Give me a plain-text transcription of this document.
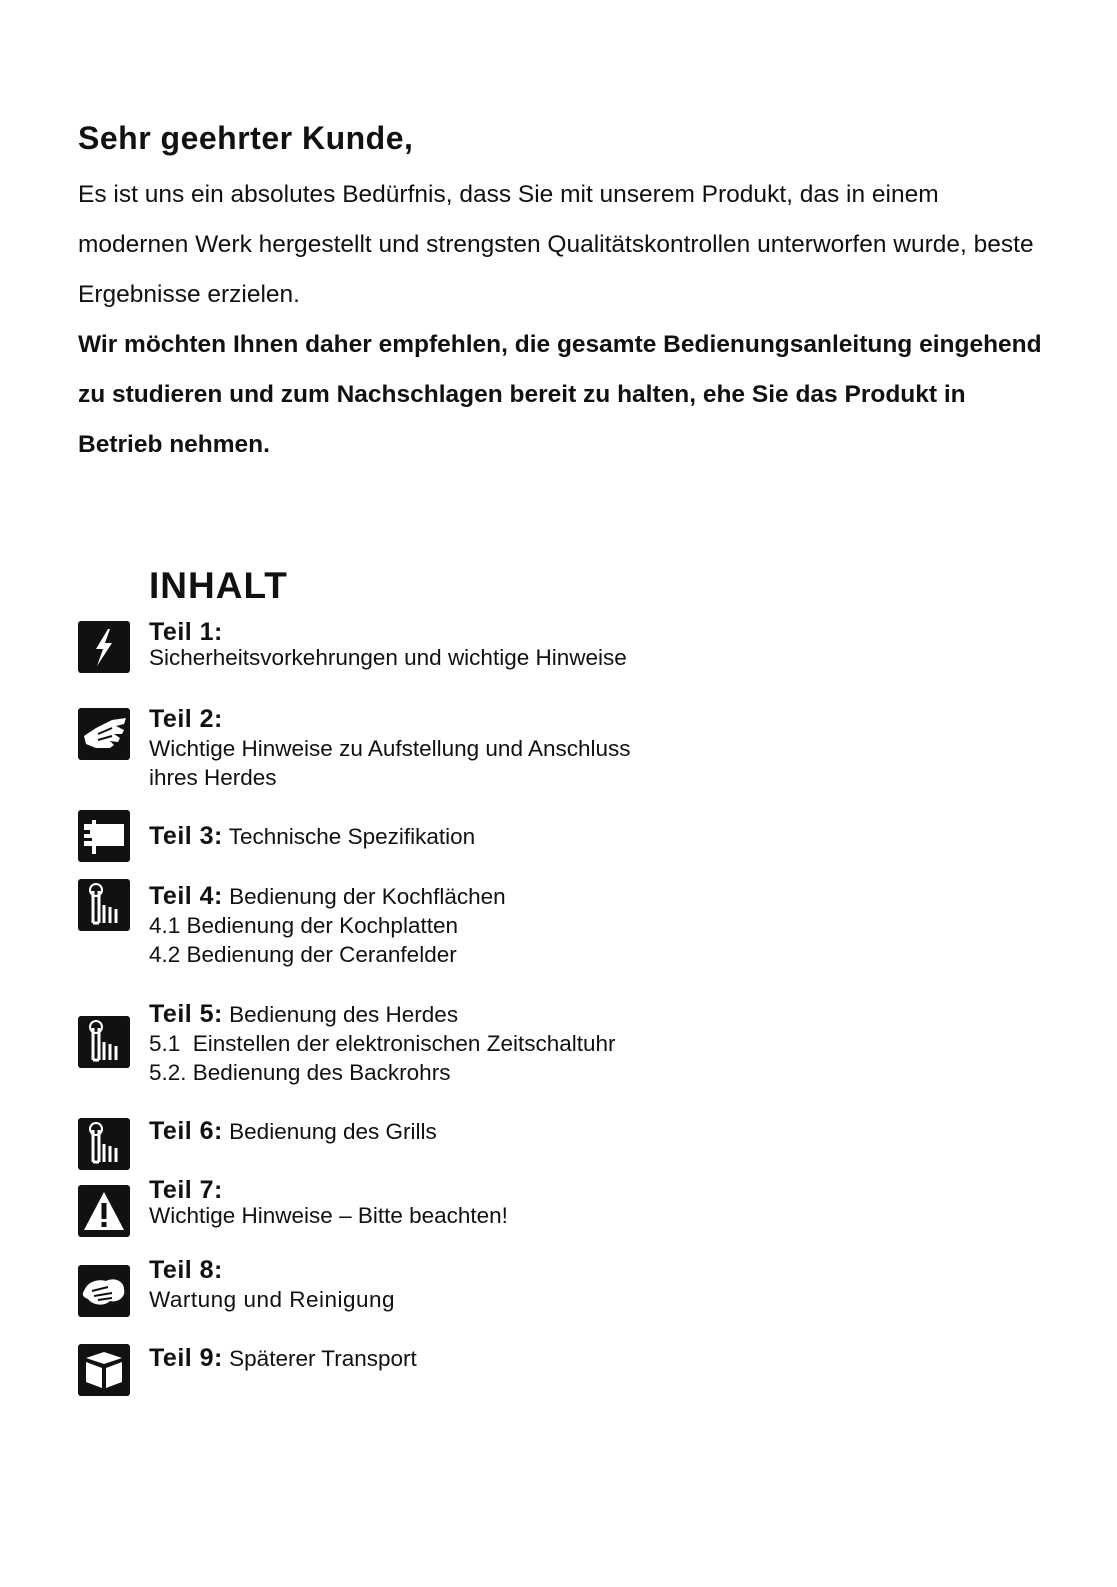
Sehr geehrter Kunde,

Es ist uns ein absolutes Bedürfnis, dass Sie mit unserem Produkt, das in einem modernen Werk hergestellt und strengsten Qualitätskontrollen unterworfen wurde, beste Ergebnisse erzielen.

Wir möchten Ihnen daher empfehlen, die gesamte Bedienungsanleitung eingehend zu studieren und zum Nachschlagen bereit zu halten, ehe Sie das Produkt in Betrieb nehmen.

INHALT
Teil 1:
Sicherheitsvorkehrungen und wichtige Hinweise
Teil 2:
Wichtige Hinweise zu Aufstellung und Anschluss
ihres Herdes
Teil 3: Technische Spezifikation
Teil 4: Bedienung der Kochflächen
4.1 Bedienung der Kochplatten
4.2 Bedienung der Ceranfelder
Teil 5: Bedienung des Herdes
5.1  Einstellen der elektronischen Zeitschaltuhr
5.2. Bedienung des Backrohrs
Teil 6: Bedienung des Grills
Teil 7:
Wichtige Hinweise – Bitte beachten!
Teil 8:
Wartung und Reinigung
Teil 9: Späterer Transport
